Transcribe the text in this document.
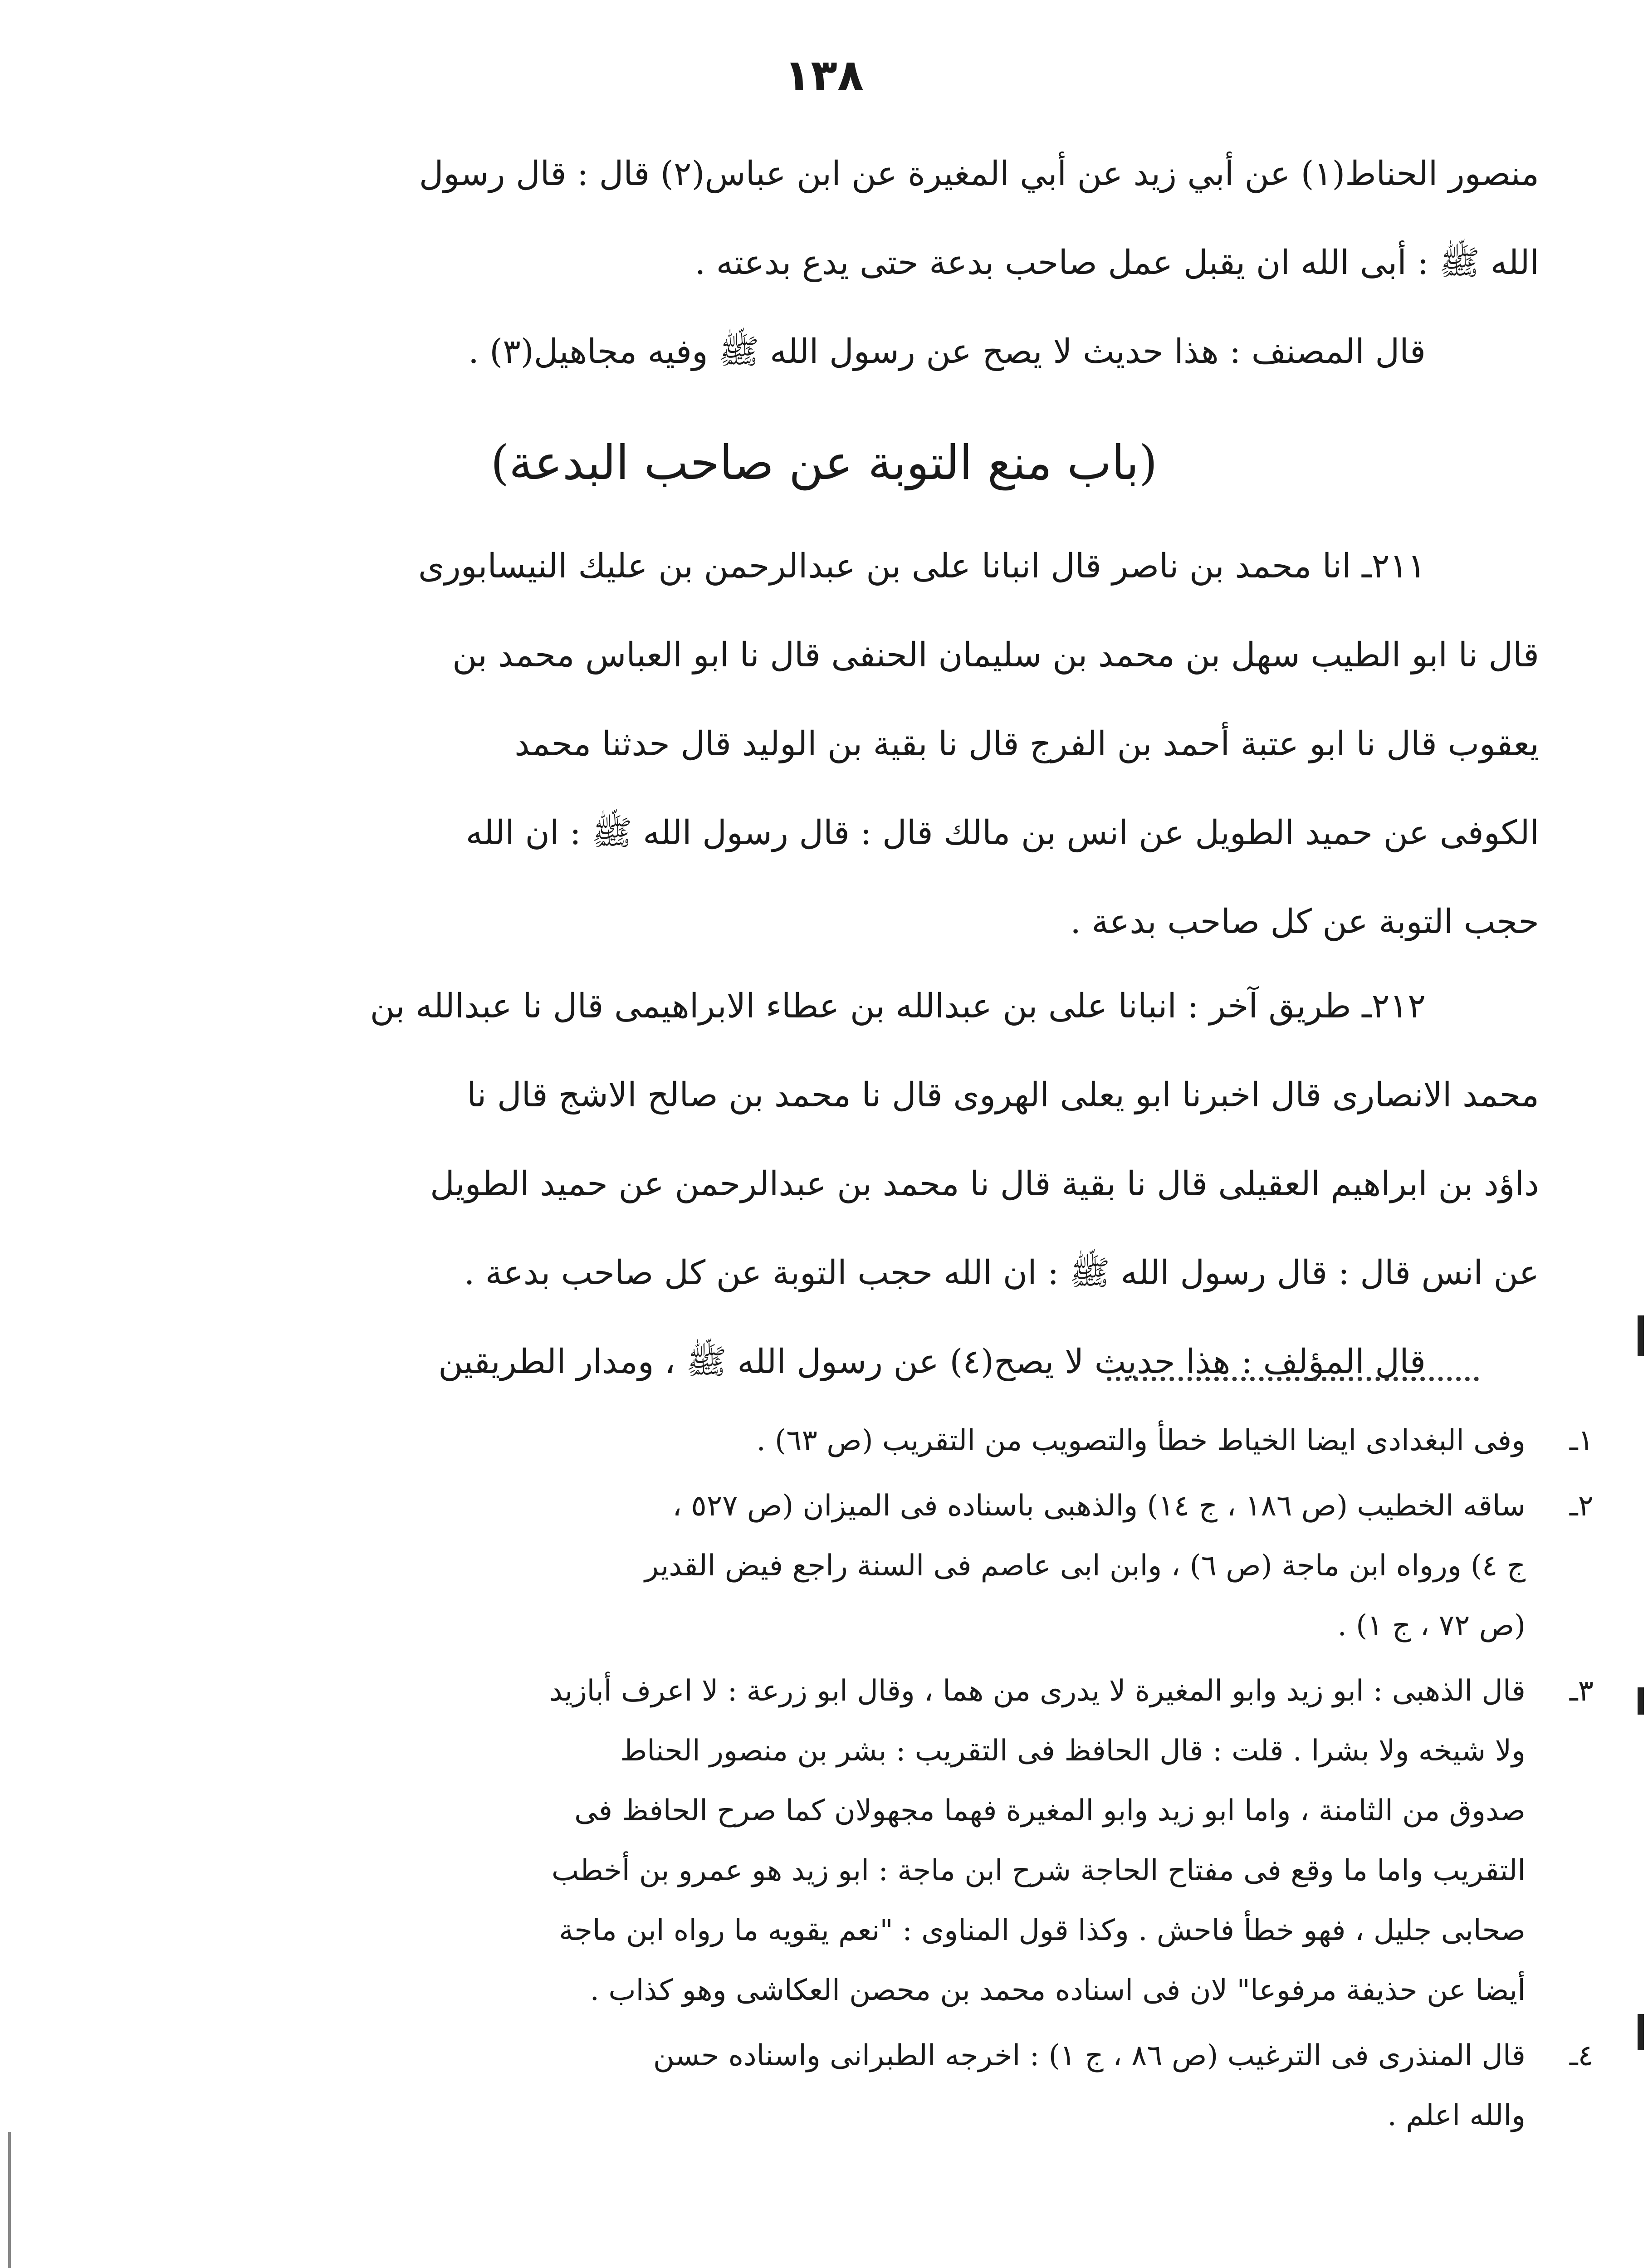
١٣٨
منصور الحناط(١) عن أبي زيد عن أبي المغيرة عن ابن عباس(٢) قال : قال رسول
الله ﷺ : أبى الله ان يقبل عمل صاحب بدعة حتى يدع بدعته .
قال المصنف : هذا حديث لا يصح عن رسول الله ﷺ وفيه مجاهيل(٣) .
(باب منع التوبة عن صاحب البدعة)
٢١١ـ انا محمد بن ناصر قال انبانا على بن عبدالرحمن بن عليك النيسابورى
قال نا ابو الطيب سهل بن محمد بن سليمان الحنفى قال نا ابو العباس محمد بن
يعقوب قال نا ابو عتبة أحمد بن الفرج قال نا بقية بن الوليد قال حدثنا محمد
الكوفى عن حميد الطويل عن انس بن مالك قال : قال رسول الله ﷺ : ان الله
حجب التوبة عن كل صاحب بدعة .
٢١٢ـ طريق آخر : انبانا على بن عبدالله بن عطاء الابراهيمى قال نا عبدالله بن
محمد الانصارى قال اخبرنا ابو يعلى الهروى قال نا محمد بن صالح الاشج قال نا
داؤد بن ابراهيم العقيلى قال نا بقية قال نا محمد بن عبدالرحمن عن حميد الطويل
عن انس قال : قال رسول الله ﷺ : ان الله حجب التوبة عن كل صاحب بدعة .
قال المؤلف : هذا حديث لا يصح(٤) عن رسول الله ﷺ ، ومدار الطريقين
١ـ
وفى البغدادى ايضا الخياط خطأ والتصويب من التقريب (ص ٦٣) .
٢ـ
ساقه الخطيب (ص ١٨٦ ، ج ١٤) والذهبى باسناده فى الميزان (ص ٥٢٧ ،
ج ٤) ورواه ابن ماجة (ص ٦) ، وابن ابى عاصم فى السنة راجع فيض القدير
(ص ٧٢ ، ج ١) .
٣ـ
قال الذهبى : ابو زيد وابو المغيرة لا يدرى من هما ، وقال ابو زرعة : لا اعرف أبازيد
ولا شيخه ولا بشرا . قلت : قال الحافظ فى التقريب : بشر بن منصور الحناط
صدوق من الثامنة ، واما ابو زيد وابو المغيرة فهما مجهولان كما صرح الحافظ فى
التقريب واما ما وقع فى مفتاح الحاجة شرح ابن ماجة : ابو زيد هو عمرو بن أخطب
صحابى جليل ، فهو خطأ فاحش . وكذا قول المناوى : "نعم يقويه ما رواه ابن ماجة
أيضا عن حذيفة مرفوعا" لان فى اسناده محمد بن محصن العكاشى وهو كذاب .
٤ـ
قال المنذرى فى الترغيب (ص ٨٦ ، ج ١) : اخرجه الطبرانى واسناده حسن
والله اعلم .
